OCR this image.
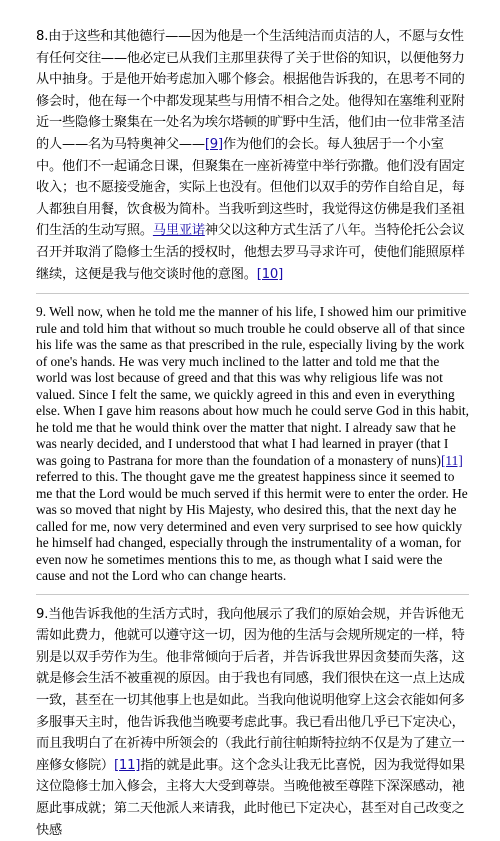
8.由于这些和其他德行——因为他是一个生活纯洁而贞洁的人，不愿与女性有任何交往——他必定已从我们主那里获得了关于世俗的知识，以便他努力从中抽身。于是他开始考虑加入哪个修会。根据他告诉我的，在思考不同的修会时，他在每一个中都发现某些与用情不相合之处。他得知在塞维利亚附近一些隐修士聚集在一处名为埃尔塔顿的旷野中生活，他们由一位非常圣洁的人——名为马特奥神父——[9]作为他们的会长。每人独居于一个小室中。他们不一起诵念日课，但聚集在一座祈祷堂中举行弥撒。他们没有固定收入；也不愿接受施舍，实际上也没有。但他们以双手的劳作自给自足，每人都独自用餐，饮食极为简朴。当我听到这些时，我觉得这仿佛是我们圣祖们生活的生动写照。马里亚诺神父以这种方式生活了八年。当特伦托公会议召开并取消了隐修士生活的授权时，他想去罗马寻求许可，使他们能照原样继续，这便是我与他交谈时他的意图。[10]

9. Well now, when he told me the manner of his life, I showed him our primitive rule and told him that without so much trouble he could observe all of that since his life was the same as that prescribed in the rule, especially living by the work of one's hands. He was very much inclined to the latter and told me that the world was lost because of greed and that this was why religious life was not valued. Since I felt the same, we quickly agreed in this and even in everything else. When I gave him reasons about how much he could serve God in this habit, he told me that he would think over the matter that night. I already saw that he was nearly decided, and I understood that what I had learned in prayer (that I was going to Pastrana for more than the foundation of a monastery of nuns)[11] referred to this. The thought gave me the greatest happiness since it seemed to me that the Lord would be much served if this hermit were to enter the order. He was so moved that night by His Majesty, who desired this, that the next day he called for me, now very determined and even very surprised to see how quickly he himself had changed, especially through the instrumentality of a woman, for even now he sometimes mentions this to me, as though what I said were the cause and not the Lord who can change hearts.

9.当他告诉我他的生活方式时，我向他展示了我们的原始会规，并告诉他无需如此费力，他就可以遵守这一切，因为他的生活与会规所规定的一样，特别是以双手劳作为生。他非常倾向于后者，并告诉我世界因贪婪而失落，这就是修会生活不被重视的原因。由于我也有同感，我们很快在这一点上达成一致，甚至在一切其他事上也是如此。当我向他说明他穿上这会衣能如何多多服事天主时，他告诉我他当晚要考虑此事。我已看出他几乎已下定决心，而且我明白了在祈祷中所领会的（我此行前往帕斯特拉纳不仅是为了建立一座修女修院）[11]指的就是此事。这个念头让我无比喜悦，因为我觉得如果这位隐修士加入修会，主将大大受到尊崇。当晚他被至尊陛下深深感动，祂愿此事成就；第二天他派人来请我，此时他已下定决心，甚至对自己改变之快感
